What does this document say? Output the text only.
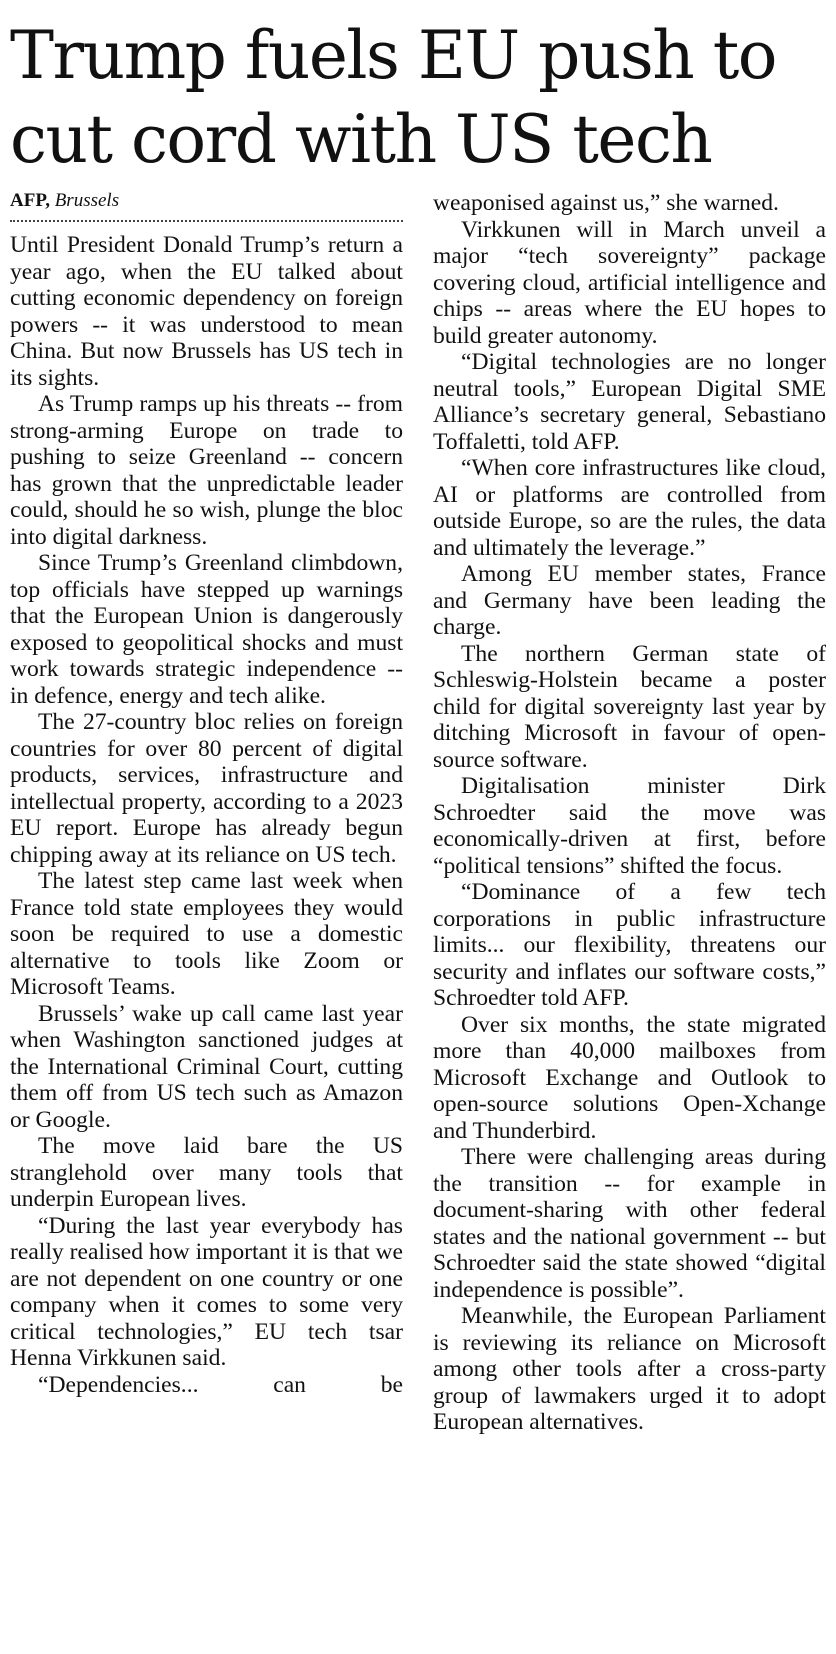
Trump fuels EU push to cut cord with US tech
AFP, Brussels

Until President Donald Trump’s return a year ago, when the EU talked about cutting economic dependency on foreign powers -- it was understood to mean China. But now Brussels has US tech in its sights.

As Trump ramps up his threats -- from strong-arming Europe on trade to pushing to seize Greenland -- concern has grown that the unpredictable leader could, should he so wish, plunge the bloc into digital darkness.

Since Trump’s Greenland climbdown, top officials have stepped up warnings that the European Union is dangerously exposed to geopolitical shocks and must work towards strategic independence -- in defence, energy and tech alike.

The 27-country bloc relies on foreign countries for over 80 percent of digital products, services, infrastructure and intellectual property, according to a 2023 EU report. Europe has already begun chipping away at its reliance on US tech.

The latest step came last week when France told state employees they would soon be required to use a domestic alternative to tools like Zoom or Microsoft Teams.

Brussels’ wake up call came last year when Washington sanctioned judges at the International Criminal Court, cutting them off from US tech such as Amazon or Google.

The move laid bare the US stranglehold over many tools that underpin European lives.

“During the last year everybody has really realised how important it is that we are not dependent on one country or one company when it comes to some very critical technologies,” EU tech tsar Henna Virkkunen said.

“Dependencies... can be

weaponised against us,” she warned.

Virkkunen will in March unveil a major “tech sovereignty” package covering cloud, artificial intelligence and chips -- areas where the EU hopes to build greater autonomy.

“Digital technologies are no longer neutral tools,” European Digital SME Alliance’s secretary general, Sebastiano Toffaletti, told AFP.

“When core infrastructures like cloud, AI or platforms are controlled from outside Europe, so are the rules, the data and ultimately the leverage.”

Among EU member states, France and Germany have been leading the charge.

The northern German state of Schleswig-Holstein became a poster child for digital sovereignty last year by ditching Microsoft in favour of open-source software.

Digitalisation minister Dirk Schroedter said the move was economically-driven at first, before “political tensions” shifted the focus.

“Dominance of a few tech corporations in public infrastructure limits... our flexibility, threatens our security and inflates our software costs,” Schroedter told AFP.

Over six months, the state migrated more than 40,000 mailboxes from Microsoft Exchange and Outlook to open-source solutions Open-Xchange and Thunderbird.

There were challenging areas during the transition -- for example in document-sharing with other federal states and the national government -- but Schroedter said the state showed “digital independence is possible”.

Meanwhile, the European Parliament is reviewing its reliance on Microsoft among other tools after a cross-party group of lawmakers urged it to adopt European alternatives.
